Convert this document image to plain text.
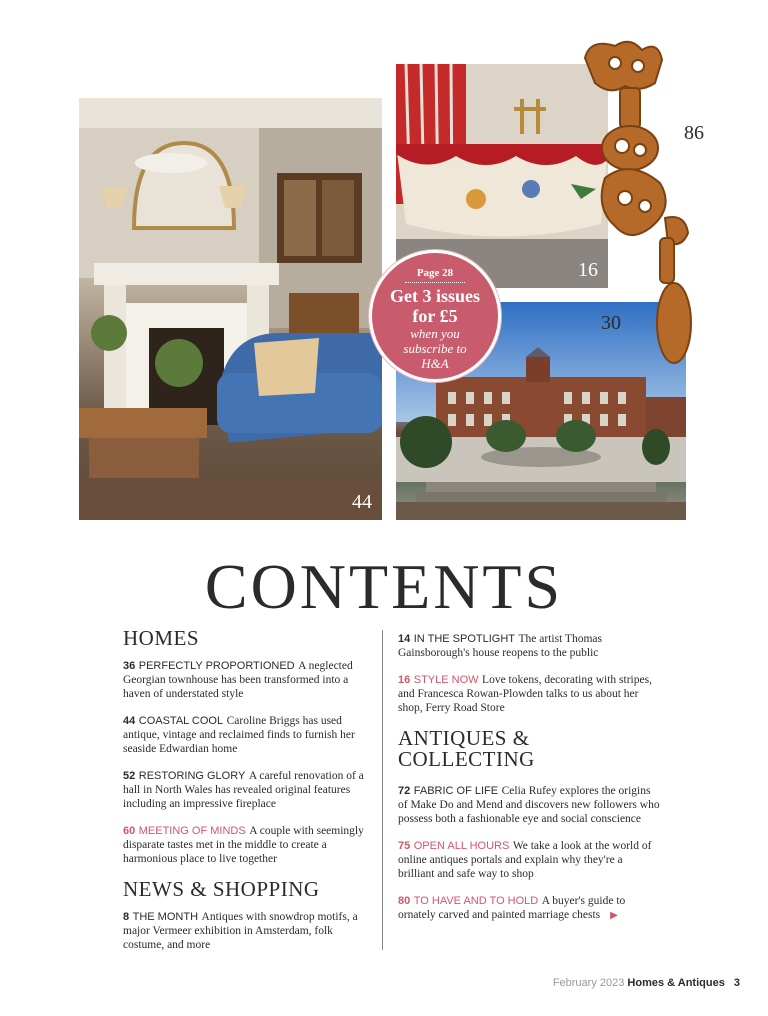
44
16
30
86
Page 28
Get 3 issues
for £5
when you
subscribe to
H&A
CONTENTS
HOMES
36 PERFECTLY PROPORTIONED A neglected Georgian townhouse has been transformed into a haven of understated style
44 COASTAL COOL Caroline Briggs has used antique, vintage and reclaimed finds to furnish her seaside Edwardian home
52 RESTORING GLORY A careful renovation of a hall in North Wales has revealed original features including an impressive fireplace
60 MEETING OF MINDS A couple with seemingly disparate tastes met in the middle to create a harmonious place to live together
NEWS & SHOPPING
8 THE MONTH Antiques with snowdrop motifs, a major Vermeer exhibition in Amsterdam, folk costume, and more
14 IN THE SPOTLIGHT The artist Thomas Gainsborough's house reopens to the public
16 STYLE NOW Love tokens, decorating with stripes, and Francesca Rowan-Plowden talks to us about her shop, Ferry Road Store
ANTIQUES &
COLLECTING
72 FABRIC OF LIFE Celia Rufey explores the origins of Make Do and Mend and discovers new followers who possess both a fashionable eye and social conscience
75 OPEN ALL HOURS We take a look at the world of online antiques portals and explain why they're a brilliant and safe way to shop
80 TO HAVE AND TO HOLD A buyer's guide to ornately carved and painted marriage chests ▶
February 2023 Homes & Antiques 3
